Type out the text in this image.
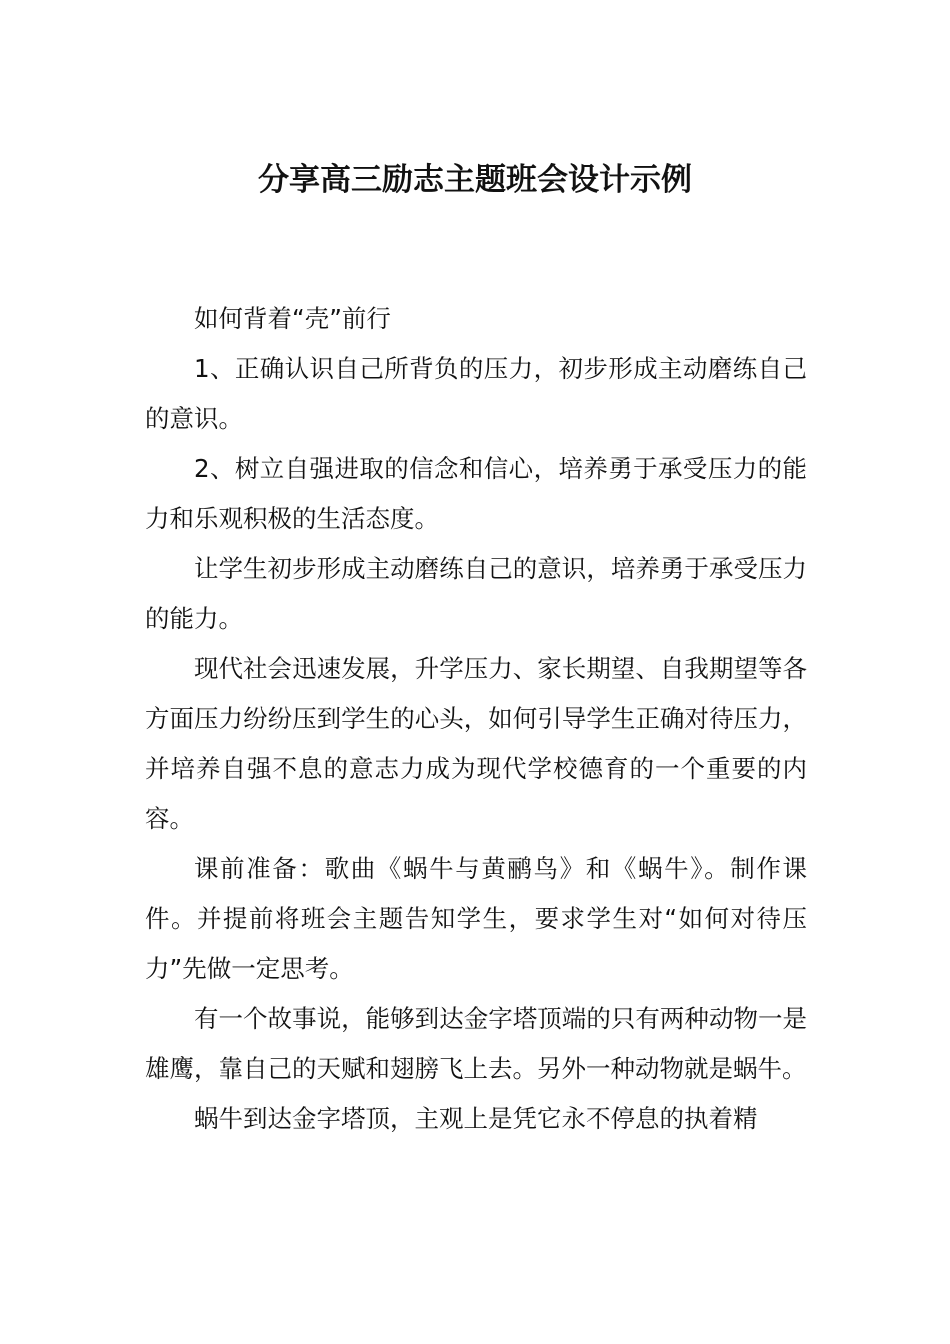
分享高三励志主题班会设计示例

如何背着“壳”前行

1、正确认识自己所背负的压力，初步形成主动磨练自己的意识。

2、树立自强进取的信念和信心，培养勇于承受压力的能力和乐观积极的生活态度。

让学生初步形成主动磨练自己的意识，培养勇于承受压力的能力。

现代社会迅速发展，升学压力、家长期望、自我期望等各方面压力纷纷压到学生的心头，如何引导学生正确对待压力，并培养自强不息的意志力成为现代学校德育的一个重要的内容。

课前准备：歌曲《蜗牛与黄鹂鸟》和《蜗牛》。制作课件。并提前将班会主题告知学生，要求学生对“如何对待压力”先做一定思考。

有一个故事说，能够到达金字塔顶端的只有两种动物一是雄鹰，靠自己的天赋和翅膀飞上去。另外一种动物就是蜗牛。

蜗牛到达金字塔顶，主观上是凭它永不停息的执着精
